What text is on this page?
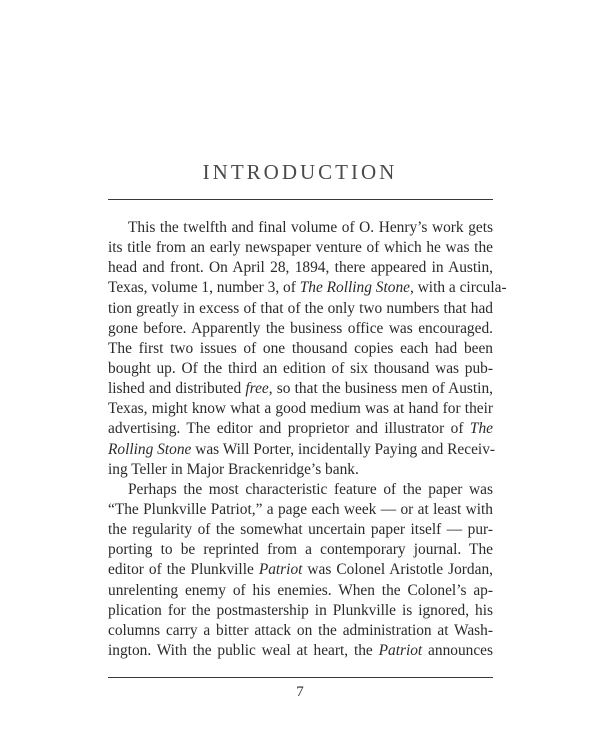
INTRODUCTION
This the twelfth and final volume of O. Henry’s work gets
its title from an early newspaper venture of which he was the
head and front. On April 28, 1894, there appeared in Austin,
Texas, volume 1, number 3, of The Rolling Stone, with a circula-
tion greatly in excess of that of the only two numbers that had
gone before. Apparently the business office was encouraged.
The first two issues of one thousand copies each had been
bought up. Of the third an edition of six thousand was pub-
lished and distributed free, so that the business men of Austin,
Texas, might know what a good medium was at hand for their
advertising. The editor and proprietor and illustrator of The
Rolling Stone was Will Porter, incidentally Paying and Receiv-
ing Teller in Major Brackenridge’s bank.
Perhaps the most characteristic feature of the paper was
“The Plunkville Patriot,” a page each week — or at least with
the regularity of the somewhat uncertain paper itself — pur-
porting to be reprinted from a contemporary journal. The
editor of the Plunkville Patriot was Colonel Aristotle Jordan,
unrelenting enemy of his enemies. When the Colonel’s ap-
plication for the postmastership in Plunkville is ignored, his
columns carry a bitter attack on the administration at Wash-
ington. With the public weal at heart, the Patriot announces
7
